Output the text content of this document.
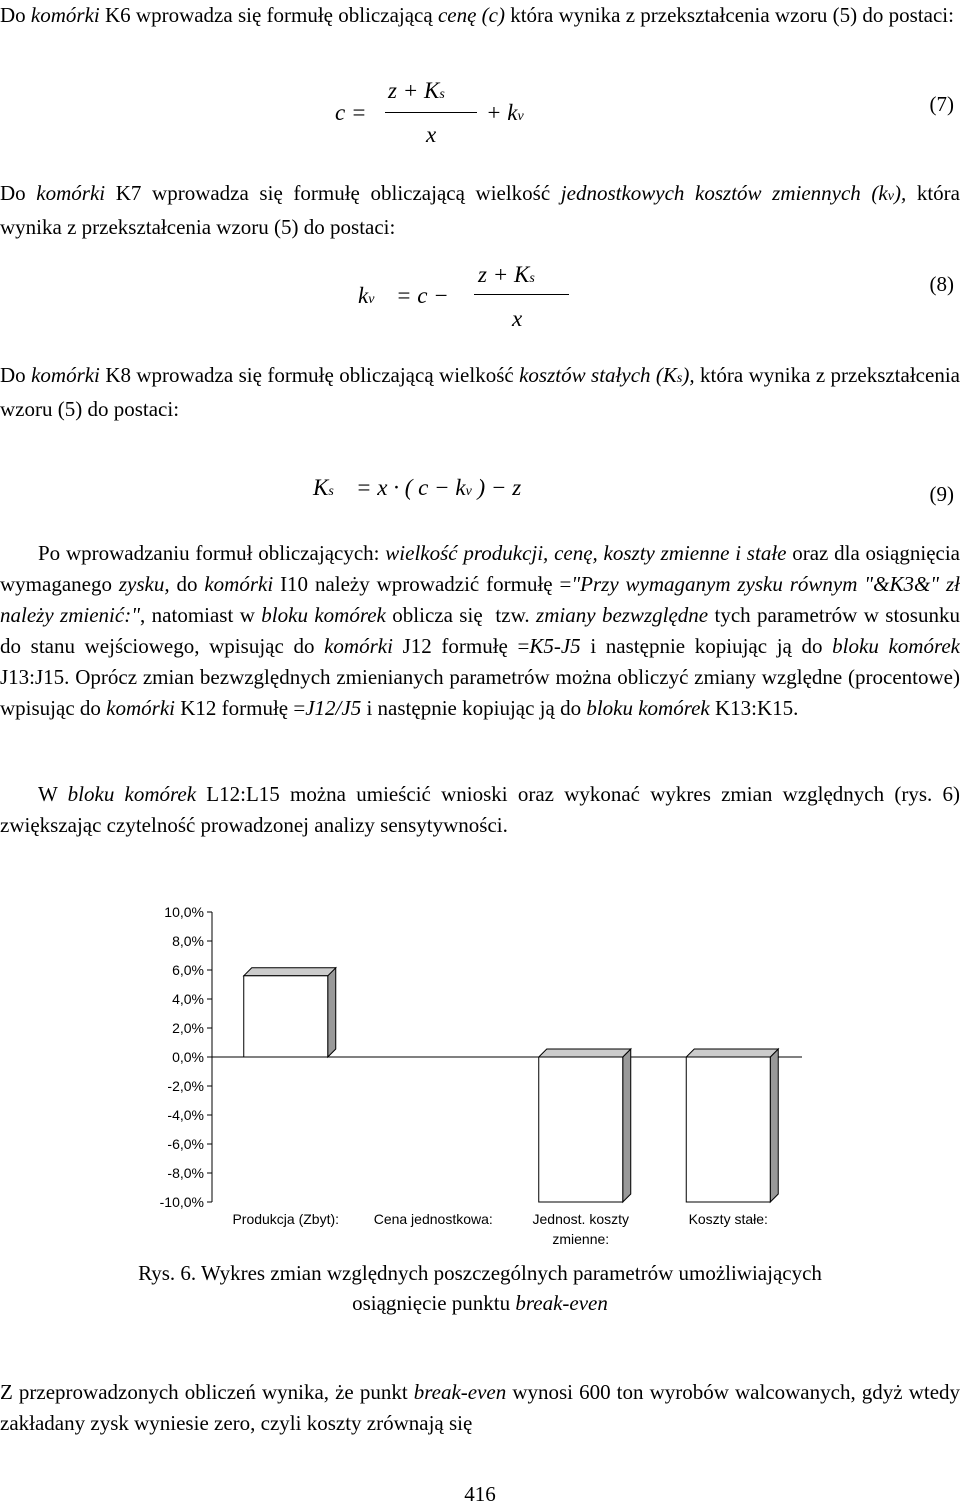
Do komórki K6 wprowadza się formułę obliczającą cenę (c) która wynika z przekształcenia wzoru (5) do postaci:
c =
z + Ks
x
+ kv
(7)
Do komórki K7 wprowadza się formułę obliczającą wielkość jednostkowych kosztów zmiennych (kv), która wynika z przekształcenia wzoru (5) do postaci:
kv = c −
z + Ks
x
(8)
Do komórki K8 wprowadza się formułę obliczającą wielkość kosztów stałych (Ks), która wynika z przekształcenia wzoru (5) do postaci:
Ks = x · ( c − kv ) − z	(9)
Po wprowadzaniu formuł obliczających: wielkość produkcji, cenę, koszty zmienne i stałe oraz dla osiągnięcia wymaganego zysku, do komórki I10 należy wprowadzić formułę ="Przy wymaganym zysku równym "&K3&" zł należy zmienić:", natomiast w bloku komórek oblicza się  tzw. zmiany bezwzględne tych parametrów w stosunku do stanu wejściowego, wpisując do komórki J12 formułę =K5-J5 i następnie kopiując ją do bloku komórek J13:J15. Oprócz zmian bezwzględnych zmienianych parametrów można obliczyć zmiany względne (procentowe) wpisując do komórki K12 formułę =J12/J5 i następnie kopiując ją do bloku komórek K13:K15.
W bloku komórek L12:L15 można umieścić wnioski oraz wykonać wykres zmian względnych (rys. 6) zwiększając czytelność prowadzonej analizy sensytywności.
10,0%
8,0%
6,0%
4,0%
2,0%
0,0%
-2,0%
-4,0%
-6,0%
-8,0%
-10,0%
Produkcja (Zbyt): Cena jednostkowa:	Jednost. koszty
zmienne:
Koszty stałe:
Rys. 6. Wykres zmian względnych poszczególnych parametrów umożliwiających
osiągnięcie punktu break-even
Z przeprowadzonych obliczeń wynika, że punkt break-even wynosi 600 ton wyrobów walcowanych, gdyż wtedy zakładany zysk wyniesie zero, czyli koszty zrównają się
416
